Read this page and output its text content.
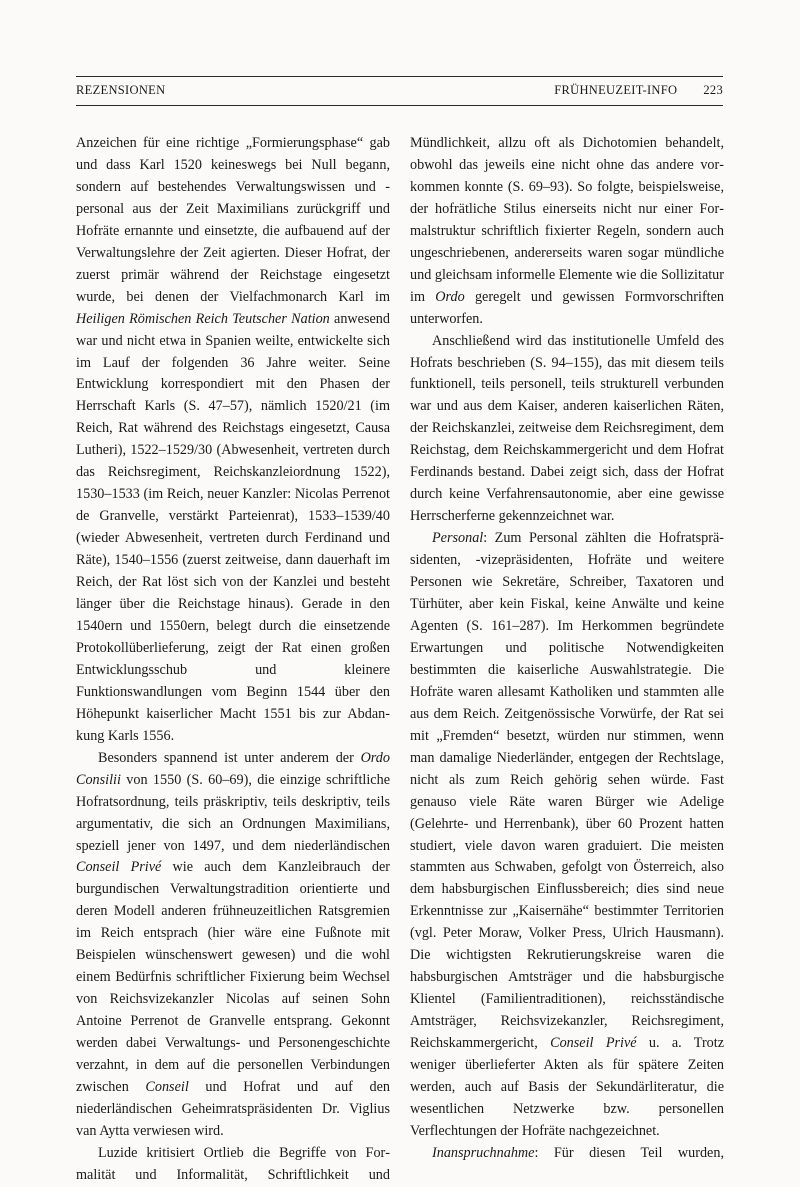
REZENSIONEN	FRÜHNEUZEIT-INFO 223

Anzeichen für eine richtige „Formierungsphase“ gab und dass Karl 1520 keineswegs bei Null begann, sondern auf bestehendes Verwaltungswissen und -personal aus der Zeit Maximilians zurückgriff und Hofräte ernannte und einsetzte, die aufbauend auf der Verwaltungslehre der Zeit agierten. Dieser Hofrat, der zuerst primär während der Reichstage eingesetzt wurde, bei denen der Vielfachmonarch Karl im Heiligen Römischen Reich Teutscher Nation anwesend war und nicht etwa in Spanien weilte, entwickelte sich im Lauf der folgenden 36 Jahre weiter. Seine Entwicklung korrespondiert mit den Phasen der Herrschaft Karls (S. 47–57), nämlich 1520/21 (im Reich, Rat während des Reichstags eingesetzt, Causa Lutheri), 1522–1529/30 (Abwesenheit, vertreten durch das Reichsregiment, Reichskanzleiordnung 1522), 1530–1533 (im Reich, neuer Kanzler: Nicolas Perrenot de Granvelle, verstärkt Parteienrat), 1533–1539/40 (wieder Abwesenheit, vertreten durch Ferdinand und Räte), 1540–1556 (zuerst zeitweise, dann dauerhaft im Reich, der Rat löst sich von der Kanzlei und besteht länger über die Reichstage hinaus). Gerade in den 1540ern und 1550ern, belegt durch die einsetzende Protokollüberlieferung, zeigt der Rat einen großen Entwicklungsschub und kleinere Funktionswandlungen vom Beginn 1544 über den Höhepunkt kaiserlicher Macht 1551 bis zur Abdankung Karls 1556.

Besonders spannend ist unter anderem der Ordo Consilii von 1550 (S. 60–69), die einzige schriftliche Hofratsordnung, teils präskriptiv, teils deskriptiv, teils argumentativ, die sich an Ordnungen Maximilians, speziell jener von 1497, und dem niederländischen Conseil Privé wie auch dem Kanzleibrauch der burgundischen Verwaltungstradition orientierte und deren Modell anderen frühneuzeitlichen Ratsgremien im Reich entsprach (hier wäre eine Fußnote mit Beispielen wünschenswert gewesen) und die wohl einem Bedürfnis schriftlicher Fixierung beim Wechsel von Reichsvizekanzler Nicolas auf seinen Sohn Antoine Perrenot de Granvelle entsprang. Gekonnt werden dabei Verwaltungs- und Personengeschichte verzahnt, in dem auf die personellen Verbindungen zwischen Conseil und Hofrat und auf den niederländischen Geheimratspräsidenten Dr. Viglius van Aytta verwiesen wird.

Luzide kritisiert Ortlieb die Begriffe von Formalität und Informalität, Schriftlichkeit und

Mündlichkeit, allzu oft als Dichotomien behandelt, obwohl das jeweils eine nicht ohne das andere vorkommen konnte (S. 69–93). So folgte, beispielsweise, der hofrätliche Stilus einerseits nicht nur einer Formalstruktur schriftlich fixierter Regeln, sondern auch ungeschriebenen, andererseits waren sogar mündliche und gleichsam informelle Elemente wie die Sollizitatur im Ordo geregelt und gewissen Formvorschriften unterworfen.

Anschließend wird das institutionelle Umfeld des Hofrats beschrieben (S. 94–155), das mit diesem teils funktionell, teils personell, teils strukturell verbunden war und aus dem Kaiser, anderen kaiserlichen Räten, der Reichskanzlei, zeitweise dem Reichsregiment, dem Reichstag, dem Reichskammergericht und dem Hofrat Ferdinands bestand. Dabei zeigt sich, dass der Hofrat durch keine Verfahrensautonomie, aber eine gewisse Herrscherferne gekennzeichnet war.

Personal: Zum Personal zählten die Hofratspräsidenten, -vizepräsidenten, Hofräte und weitere Personen wie Sekretäre, Schreiber, Taxatoren und Türhüter, aber kein Fiskal, keine Anwälte und keine Agenten (S. 161–287). Im Herkommen begründete Erwartungen und politische Notwendigkeiten bestimmten die kaiserliche Auswahlstrategie. Die Hofräte waren allesamt Katholiken und stammten alle aus dem Reich. Zeitgenössische Vorwürfe, der Rat sei mit „Fremden“ besetzt, würden nur stimmen, wenn man damalige Niederländer, entgegen der Rechtslage, nicht als zum Reich gehörig sehen würde. Fast genauso viele Räte waren Bürger wie Adelige (Gelehrte- und Herrenbank), über 60 Prozent hatten studiert, viele davon waren graduiert. Die meisten stammten aus Schwaben, gefolgt von Österreich, also dem habsburgischen Einflussbereich; dies sind neue Erkenntnisse zur „Kaisernähe“ bestimmter Territorien (vgl. Peter Moraw, Volker Press, Ulrich Hausmann). Die wichtigsten Rekrutierungskreise waren die habsburgischen Amtsträger und die habsburgische Klientel (Familientraditionen), reichsständische Amtsträger, Reichsvizekanzler, Reichsregiment, Reichskammergericht, Conseil Privé u. a. Trotz weniger überlieferter Akten als für spätere Zeiten werden, auch auf Basis der Sekundärliteratur, die wesentlichen Netzwerke bzw. personellen Verflechtungen der Hofräte nachgezeichnet.

Inanspruchnahme: Für diesen Teil wurden,
